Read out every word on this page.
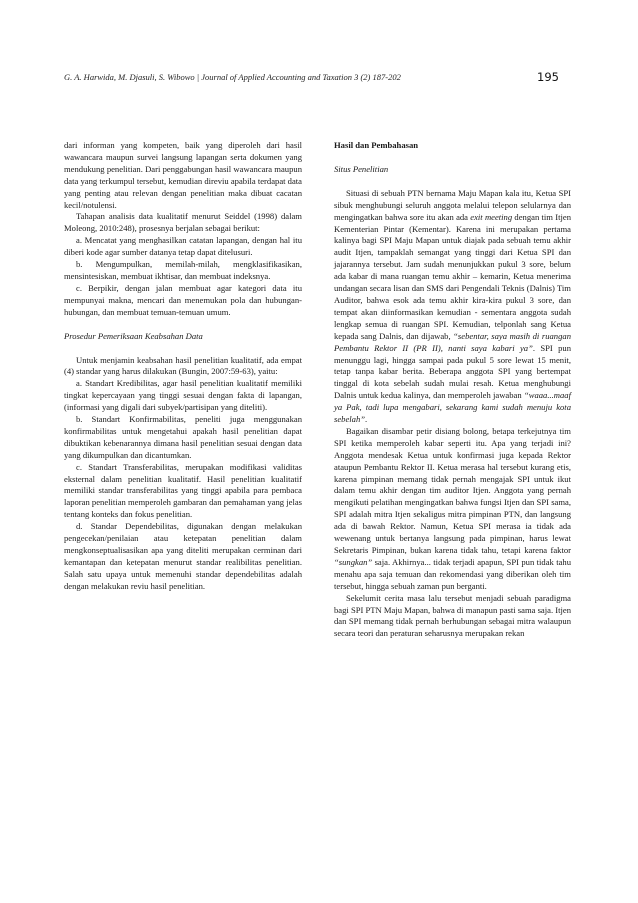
G. A. Harwida, M. Djasuli, S. Wibowo | Journal of Applied Accounting and Taxation 3 (2) 187-202	195

dari informan yang kompeten, baik yang diperoleh dari hasil wawancara maupun survei langsung lapangan serta dokumen yang mendukung penelitian. Dari penggabungan hasil wawancara maupun data yang terkumpul tersebut, kemudian direviu apabila terdapat data yang penting atau relevan dengan penelitian maka dibuat cacatan kecil/notulensi.

Tahapan analisis data kualitatif menurut Seiddel (1998) dalam Moleong, 2010:248), prosesnya berjalan sebagai berikut:

a. Mencatat yang menghasilkan catatan lapangan, dengan hal itu diberi kode agar sumber datanya tetap dapat ditelusuri.

b. Mengumpulkan, memilah-milah, mengklasifikasikan, mensintesiskan, membuat ikhtisar, dan membuat indeksnya.

c. Berpikir, dengan jalan membuat agar kategori data itu mempunyai makna, mencari dan menemukan pola dan hubungan-hubungan, dan membuat temuan-temuan umum.

Prosedur Pemeriksaan Keabsahan Data

Untuk menjamin keabsahan hasil penelitian kualitatif, ada empat (4) standar yang harus dilakukan (Bungin, 2007:59-63), yaitu:

a. Standart Kredibilitas, agar hasil penelitian kualitatif memiliki tingkat kepercayaan yang tinggi sesuai dengan fakta di lapangan, (informasi yang digali dari subyek/partisipan yang diteliti).

b. Standart Konfirmabilitas, peneliti juga menggunakan konfirmabilitas untuk mengetahui apakah hasil penelitian dapat dibuktikan kebenarannya dimana hasil penelitian sesuai dengan data yang dikumpulkan dan dicantumkan.

c. Standart Transferabilitas, merupakan modifikasi validitas eksternal dalam penelitian kualitatif. Hasil penelitian kualitatif memiliki standar transferabilitas yang tinggi apabila para pembaca laporan penelitian memperoleh gambaran dan pemahaman yang jelas tentang konteks dan fokus penelitian.

d. Standar Dependebilitas, digunakan dengan melakukan pengecekan/penilaian atau ketepatan penelitian dalam mengkonseptualisasikan apa yang diteliti merupakan cerminan dari kemantapan dan ketepatan menurut standar realibilitas penelitian. Salah satu upaya untuk memenuhi standar dependebilitas adalah dengan melakukan reviu hasil penelitian.

Hasil dan Pembahasan

Situs Penelitian

Situasi di sebuah PTN bernama Maju Mapan kala itu, Ketua SPI sibuk menghubungi seluruh anggota melalui telepon selularnya dan mengingatkan bahwa sore itu akan ada exit meeting dengan tim Itjen Kementerian Pintar (Kementar). Karena ini merupakan pertama kalinya bagi SPI Maju Mapan untuk diajak pada sebuah temu akhir audit Itjen, tampaklah semangat yang tinggi dari Ketua SPI dan jajarannya tersebut. Jam sudah menunjukkan pukul 3 sore, belum ada kabar di mana ruangan temu akhir – kemarin, Ketua menerima undangan secara lisan dan SMS dari Pengendali Teknis (Dalnis) Tim Auditor, bahwa esok ada temu akhir kira-kira pukul 3 sore, dan tempat akan diinformasikan kemudian - sementara anggota sudah lengkap semua di ruangan SPI. Kemudian, telponlah sang Ketua kepada sang Dalnis, dan dijawab, “sebentar, saya masih di ruangan Pembantu Rektor II (PR II), nanti saya kabari ya”. SPI pun menunggu lagi, hingga sampai pada pukul 5 sore lewat 15 menit, tetap tanpa kabar berita. Beberapa anggota SPI yang bertempat tinggal di kota sebelah sudah mulai resah. Ketua menghubungi Dalnis untuk kedua kalinya, dan memperoleh jawaban “waaa...maaf ya Pak, tadi lupa mengabari, sekarang kami sudah menuju kota sebelah”.

Bagaikan disambar petir disiang bolong, betapa terkejutnya tim SPI ketika memperoleh kabar seperti itu. Apa yang terjadi ini? Anggota mendesak Ketua untuk konfirmasi juga kepada Rektor ataupun Pembantu Rektor II. Ketua merasa hal tersebut kurang etis, karena pimpinan memang tidak pernah mengajak SPI untuk ikut dalam temu akhir dengan tim auditor Itjen. Anggota yang pernah mengikuti pelatihan mengingatkan bahwa fungsi Itjen dan SPI sama, SPI adalah mitra Itjen sekaligus mitra pimpinan PTN, dan langsung ada di bawah Rektor. Namun, Ketua SPI merasa ia tidak ada wewenang untuk bertanya langsung pada pimpinan, harus lewat Sekretaris Pimpinan, bukan karena tidak tahu, tetapi karena faktor “sungkan” saja. Akhirnya... tidak terjadi apapun, SPI pun tidak tahu menahu apa saja temuan dan rekomendasi yang diberikan oleh tim tersebut, hingga sebuah zaman pun berganti.

Sekelumit cerita masa lalu tersebut menjadi sebuah paradigma bagi SPI PTN Maju Mapan, bahwa di manapun pasti sama saja. Itjen dan SPI memang tidak pernah berhubungan sebagai mitra walaupun secara teori dan peraturan seharusnya merupakan rekan
